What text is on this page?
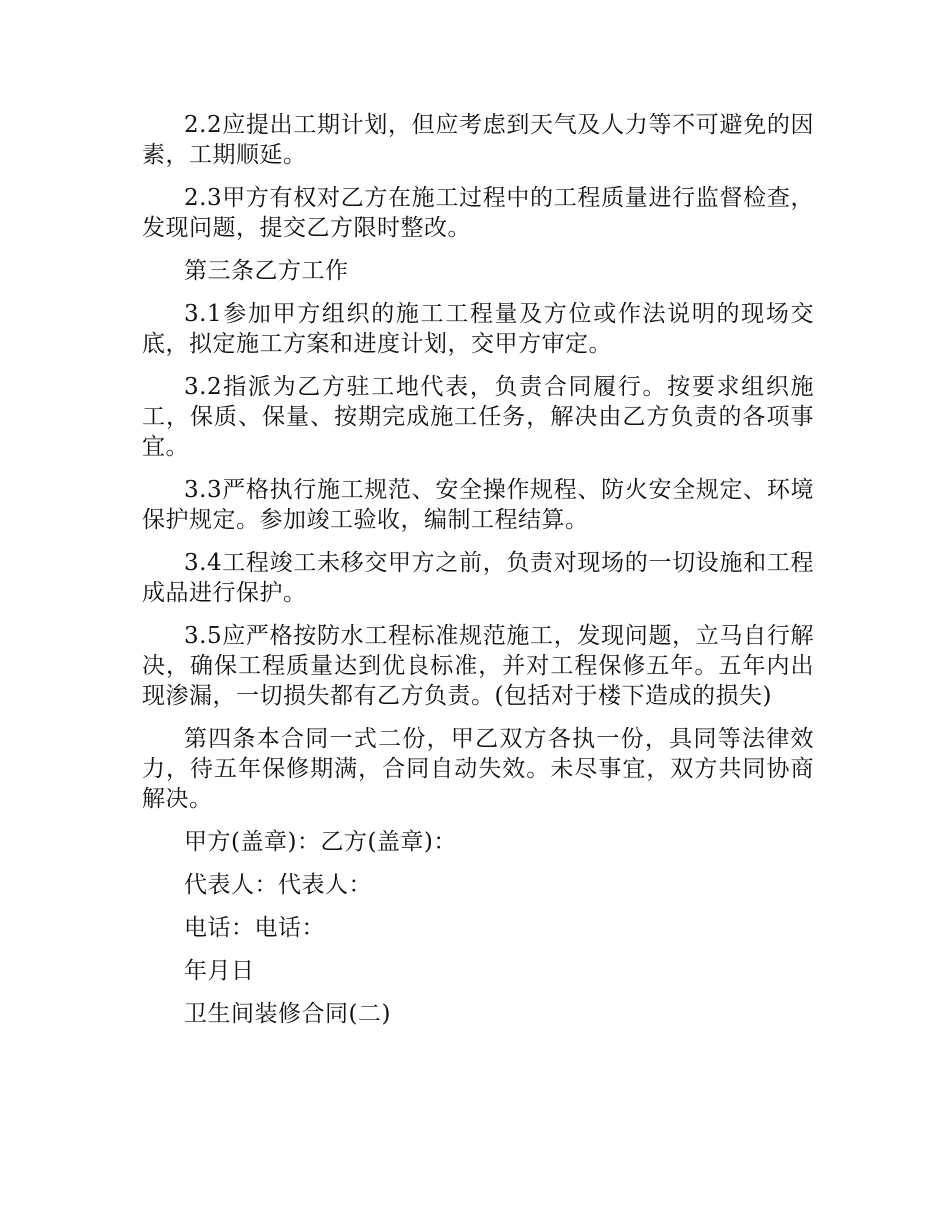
2.2应提出工期计划，但应考虑到天气及人力等不可避免的因素，工期顺延。

2.3甲方有权对乙方在施工过程中的工程质量进行监督检查，发现问题，提交乙方限时整改。

第三条乙方工作

3.1参加甲方组织的施工工程量及方位或作法说明的现场交底，拟定施工方案和进度计划，交甲方审定。

3.2指派为乙方驻工地代表，负责合同履行。按要求组织施工，保质、保量、按期完成施工任务，解决由乙方负责的各项事宜。

3.3严格执行施工规范、安全操作规程、防火安全规定、环境保护规定。参加竣工验收，编制工程结算。

3.4工程竣工未移交甲方之前，负责对现场的一切设施和工程成品进行保护。

3.5应严格按防水工程标准规范施工，发现问题，立马自行解决，确保工程质量达到优良标准，并对工程保修五年。五年内出现渗漏，一切损失都有乙方负责。(包括对于楼下造成的损失)

第四条本合同一式二份，甲乙双方各执一份，具同等法律效力，待五年保修期满，合同自动失效。未尽事宜，双方共同协商解决。

甲方(盖章)：乙方(盖章)：

代表人：代表人：

电话：电话：

年月日

卫生间装修合同(二)
